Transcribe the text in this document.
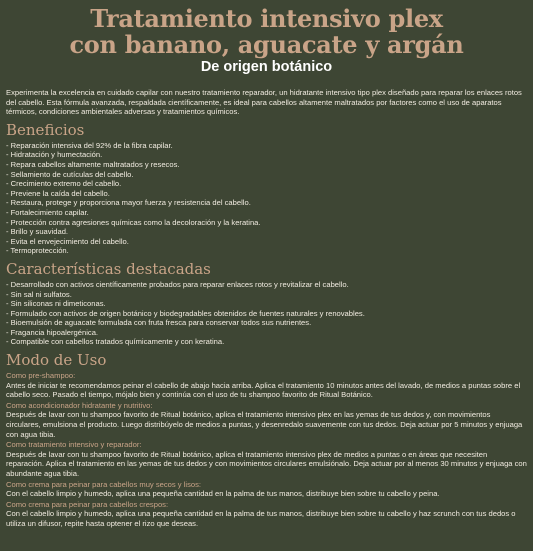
Tratamiento intensivo plex
con banano, aguacate y argán
De origen botánico

Experimenta la excelencia en cuidado capilar con nuestro tratamiento reparador, un hidratante intensivo tipo plex diseñado para reparar los enlaces rotos del cabello. Esta fórmula avanzada, respaldada científicamente, es ideal para cabellos altamente maltratados por factores como el uso de aparatos térmicos, condiciones ambientales adversas y tratamientos químicos.

Beneficios
- Reparación intensiva del 92% de la fibra capilar.
- Hidratación y humectación.
- Repara cabellos altamente maltratados y resecos.
- Sellamiento de cutículas del cabello.
- Crecimiento extremo del cabello.
- Previene la caída del cabello.
- Restaura, protege y proporciona mayor fuerza y resistencia del cabello.
- Fortalecimiento capilar.
- Protección contra agresiones químicas como la decoloración y la keratina.
- Brillo y suavidad.
- Evita el envejecimiento del cabello.
- Termoprotección.
Características destacadas
- Desarrollado con activos científicamente probados para reparar enlaces rotos y revitalizar el cabello.
- Sin sal ni sulfatos.
- Sin siliconas ni dimeticonas.
- Formulado con activos de origen botánico y biodegradables obtenidos de fuentes naturales y renovables.
- Bioemulsión de aguacate formulada con fruta fresca para conservar todos sus nutrientes.
- Fragancia hipoalergénica.
- Compatible con cabellos tratados químicamente y con keratina.
Modo de Uso
Como pre-shampoo:
Antes de iniciar te recomendamos peinar el cabello de abajo hacia arriba. Aplica el tratamiento 10 minutos antes del lavado, de medios a puntas sobre el cabello seco. Pasado el tiempo, mójalo bien y continúa con el uso de tu shampoo favorito de Ritual Botánico.
Como acondicionador hidratante y nutritivo:
Después de lavar con tu shampoo favorito de Ritual botánico, aplica el tratamiento intensivo plex en las yemas de tus dedos y, con movimientos circulares, emulsiona el producto. Luego distribúyelo de medios a puntas, y desenredalo suavemente con tus dedos. Deja actuar por 5 minutos y enjuaga con agua tibia.
Como tratamiento intensivo y reparador:
Después de lavar con tu shampoo favorito de Ritual botánico, aplica el tratamiento intensivo plex de medios a puntas o en áreas que necesiten reparación. Aplica el tratamiento en las yemas de tus dedos y con movimientos circulares emulsiónalo. Deja actuar por al menos 30 minutos y enjuaga con abundante agua tibia.
Como crema para peinar para cabellos muy secos y lisos:
Con el cabello limpio y humedo, aplica una pequeña cantidad en la palma de tus manos, distribuye bien sobre tu cabello y peina.
Como crema para peinar para cabellos crespos:
Con el cabello limpio y humedo, aplica una pequeña cantidad en la palma de tus manos, distribuye bien sobre tu cabello y haz scrunch con tus dedos o utiliza un difusor, repite hasta optener el rizo que deseas.
